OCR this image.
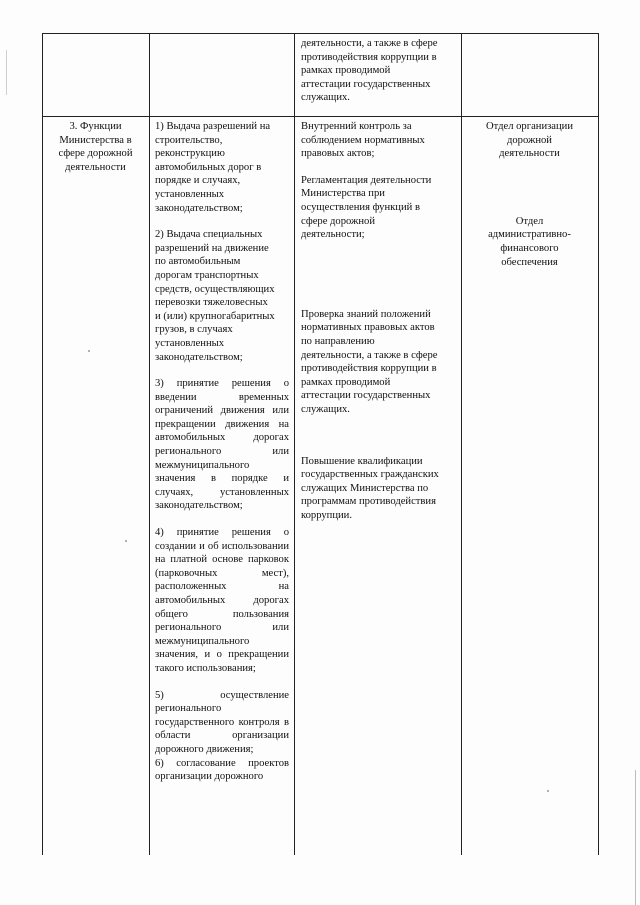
деятельности, а также в сфере
противодействия коррупции в
рамках проводимой
аттестации государственных
служащих.

3. Функции
Министерства в
сфере дорожной
деятельности

1) Выдача разрешений на
строительство,
реконструкцию
автомобильных дорог в
порядке и случаях,
установленных
законодательством;

2) Выдача специальных
разрешений на движение
по автомобильным
дорогам транспортных
средств, осуществляющих
перевозки тяжеловесных
и (или) крупногабаритных
грузов, в случаях
установленных
законодательством;

3) принятие решения о введении временных ограничений движения или прекращении движения на автомобильных дорогах регионального или межмуниципального значения в порядке и случаях, установленных законодательством;

4) принятие решения о создании и об использовании на платной основе парковок (парковочных мест), расположенных на автомобильных дорогах общего пользования регионального или межмуниципального значения, и о прекращении такого использования;

5) осуществление регионального государственного контроля в области организации дорожного движения;

6) согласование проектов организации дорожного

Внутренний контроль за
соблюдением нормативных
правовых актов;

Регламентация деятельности
Министерства при
осуществления функций в
сфере дорожной
деятельности;

Проверка знаний положений
нормативных правовых актов
по направлению
деятельности, а также в сфере
противодействия коррупции в
рамках проводимой
аттестации государственных
служащих.

Повышение квалификации
государственных гражданских
служащих Министерства по
программам противодействия
коррупции.

Отдел организации
дорожной
деятельности

Отдел
административно-
финансового
обеспечения
